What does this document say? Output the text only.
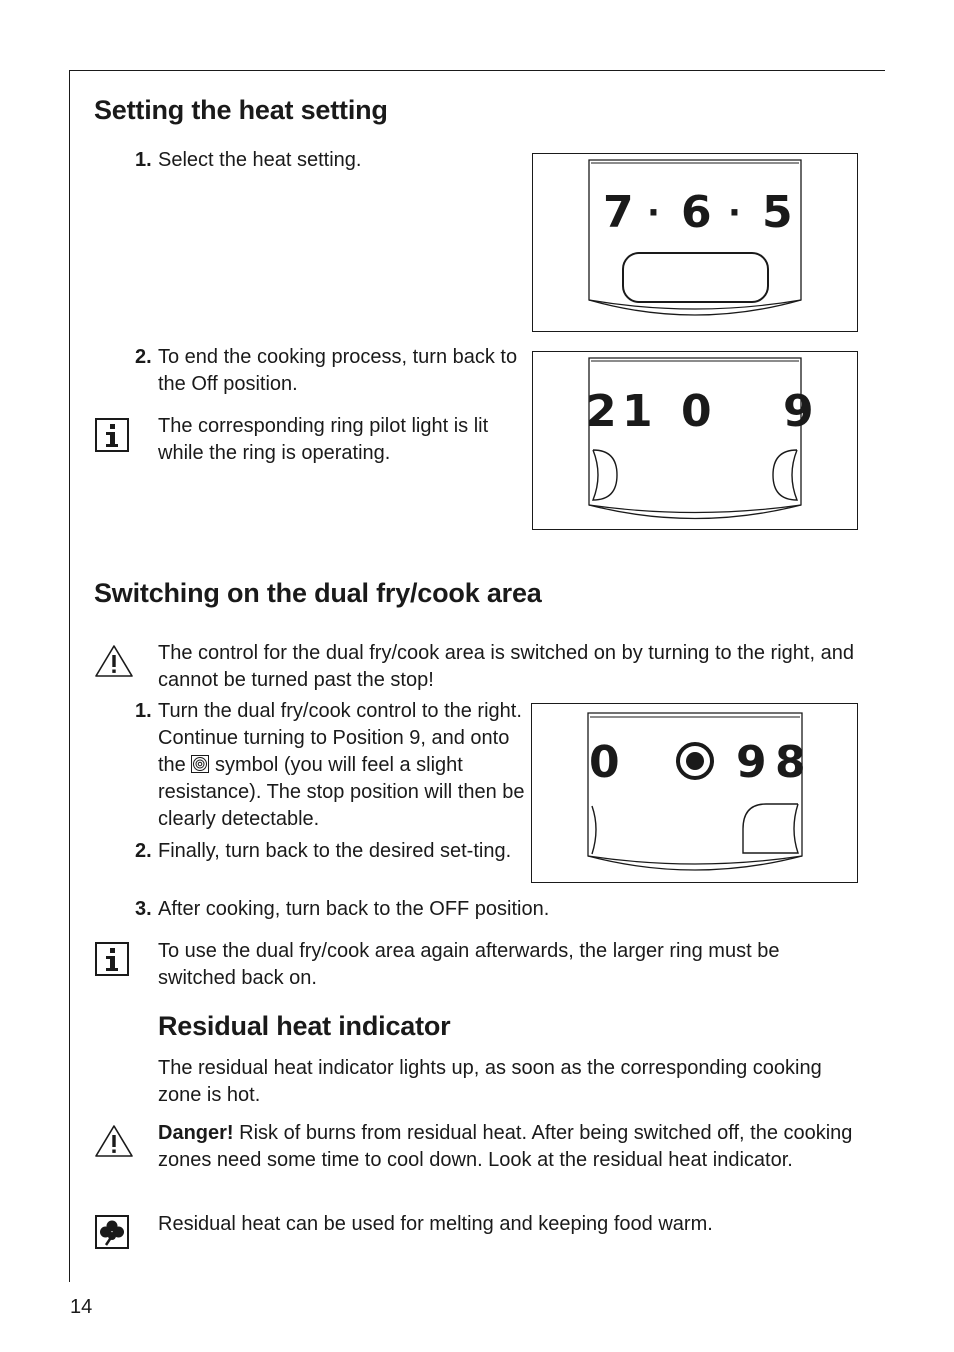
Setting the heat setting
1. Select the heat setting.

7 · 6 · 5
2. To end the cooking process, turn back to the Off position.

The corresponding ring pilot light is lit while the ring is operating.

2 1 0 9
Switching on the dual fry/cook area

The control for the dual fry/cook area is switched on by turning to the right, and cannot be turned past the stop!

1. Turn the dual fry/cook control to the right. Continue turning to Position 9, and onto the symbol (you will feel a slight resistance). The stop position will then be clearly detectable.

0	9 8
2. Finally, turn back to the desired set-ting.

3. After cooking, turn back to the OFF position.

To use the dual fry/cook area again afterwards, the larger ring must be switched back on.

Residual heat indicator

The residual heat indicator lights up, as soon as the corresponding cooking zone is hot.

Danger! Risk of burns from residual heat. After being switched off, the cooking zones need some time to cool down. Look at the residual heat indicator.

Residual heat can be used for melting and keeping food warm.

14
